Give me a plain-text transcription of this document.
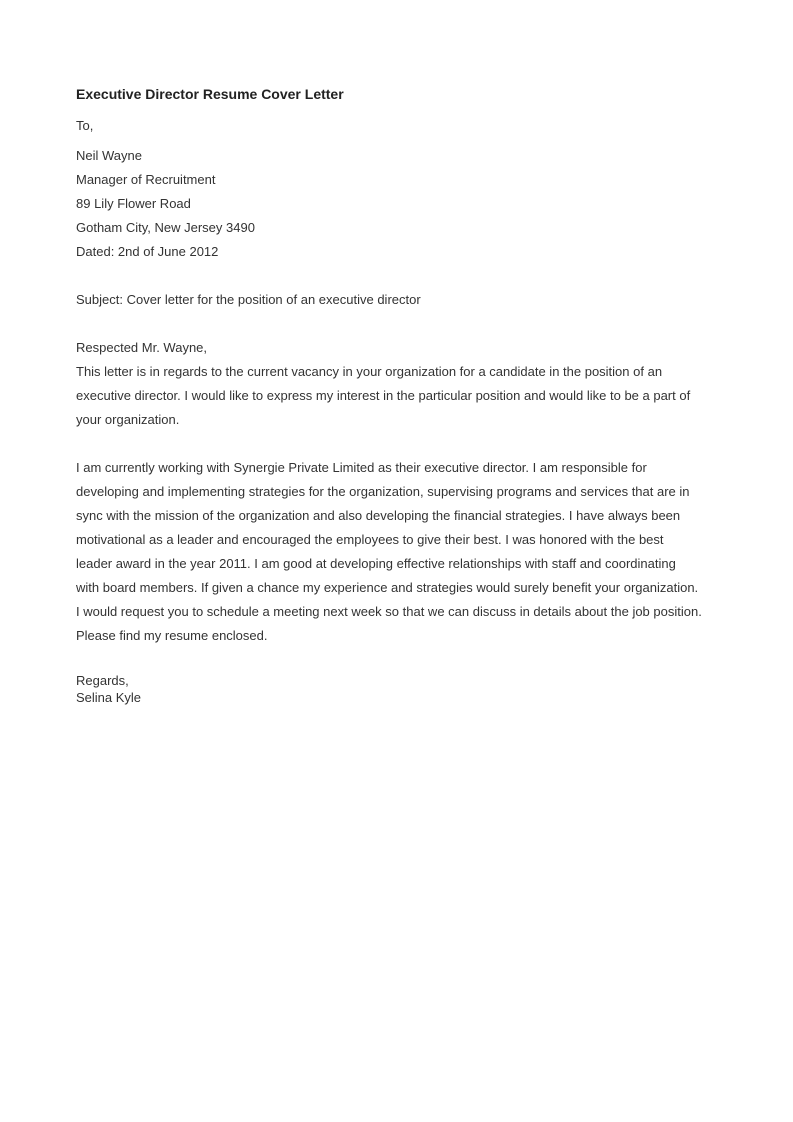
Executive Director Resume Cover Letter
To,
Neil Wayne
Manager of Recruitment
89 Lily Flower Road
Gotham City, New Jersey 3490
Dated: 2nd of June 2012
Subject: Cover letter for the position of an executive director
Respected Mr. Wayne,
This letter is in regards to the current vacancy in your organization for a candidate in the position of an
executive director. I would like to express my interest in the particular position and would like to be a part of
your organization.
I am currently working with Synergie Private Limited as their executive director. I am responsible for
developing and implementing strategies for the organization, supervising programs and services that are in
sync with the mission of the organization and also developing the financial strategies. I have always been
motivational as a leader and encouraged the employees to give their best. I was honored with the best
leader award in the year 2011. I am good at developing effective relationships with staff and coordinating
with board members. If given a chance my experience and strategies would surely benefit your organization.
I would request you to schedule a meeting next week so that we can discuss in details about the job position.
Please find my resume enclosed.
Regards,
Selina Kyle
